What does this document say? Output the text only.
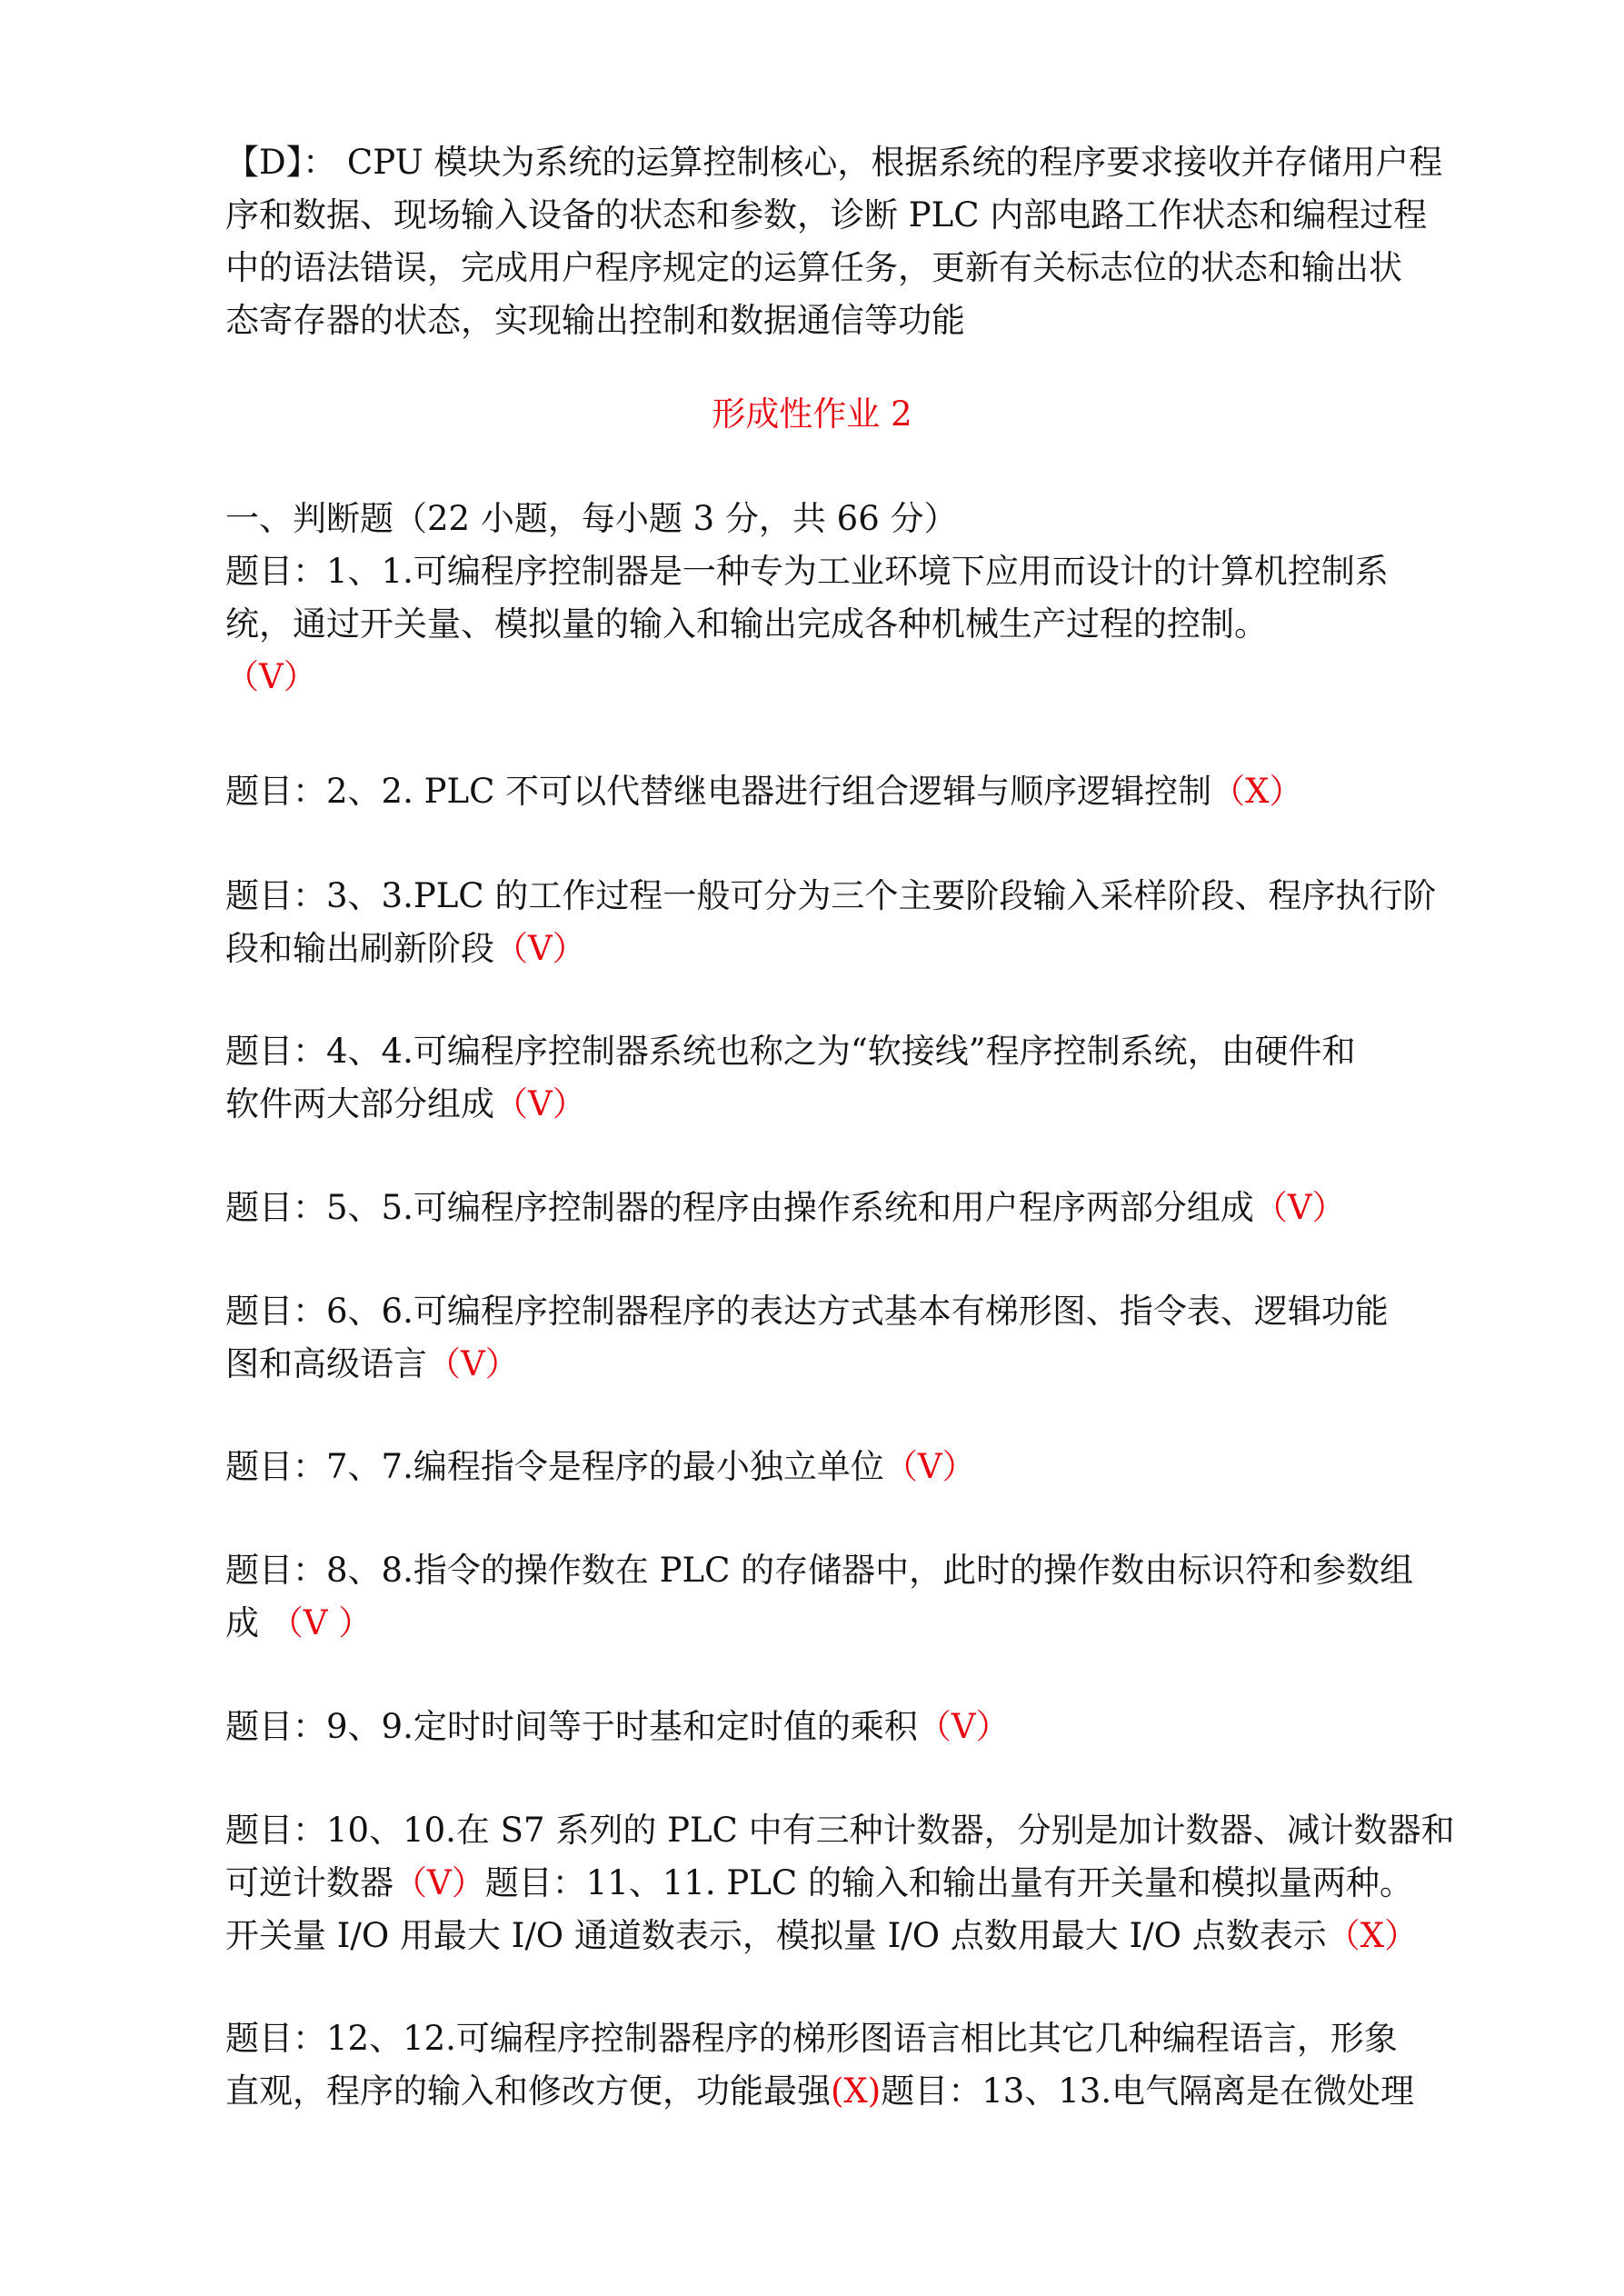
【D】： CPU 模块为系统的运算控制核心，根据系统的程序要求接收并存储用户程
序和数据、现场输入设备的状态和参数，诊断 PLC 内部电路工作状态和编程过程
中的语法错误，完成用户程序规定的运算任务，更新有关标志位的状态和输出状
态寄存器的状态，实现输出控制和数据通信等功能
形成性作业 2
一、判断题（22 小题，每小题 3 分，共 66 分）
题目：1、1.可编程序控制器是一种专为工业环境下应用而设计的计算机控制系
统，通过开关量、模拟量的输入和输出完成各种机械生产过程的控制。
（V）
题目：2、2. PLC 不可以代替继电器进行组合逻辑与顺序逻辑控制（X）
题目：3、3.PLC 的工作过程一般可分为三个主要阶段输入采样阶段、程序执行阶
段和输出刷新阶段（V）
题目：4、4.可编程序控制器系统也称之为“软接线”程序控制系统，由硬件和
软件两大部分组成（V）
题目：5、5.可编程序控制器的程序由操作系统和用户程序两部分组成（V）
题目：6、6.可编程序控制器程序的表达方式基本有梯形图、指令表、逻辑功能
图和高级语言（V）
题目：7、7.编程指令是程序的最小独立单位（V）
题目：8、8.指令的操作数在 PLC 的存储器中，此时的操作数由标识符和参数组
成 （V ）
题目：9、9.定时时间等于时基和定时值的乘积（V）
题目：10、10.在 S7 系列的 PLC 中有三种计数器，分别是加计数器、减计数器和
可逆计数器（V）题目：11、11. PLC 的输入和输出量有开关量和模拟量两种。
开关量 I/O 用最大 I/O 通道数表示，模拟量 I/O 点数用最大 I/O 点数表示（X）
题目：12、12.可编程序控制器程序的梯形图语言相比其它几种编程语言，形象
直观，程序的输入和修改方便，功能最强(X)题目：13、13.电气隔离是在微处理
